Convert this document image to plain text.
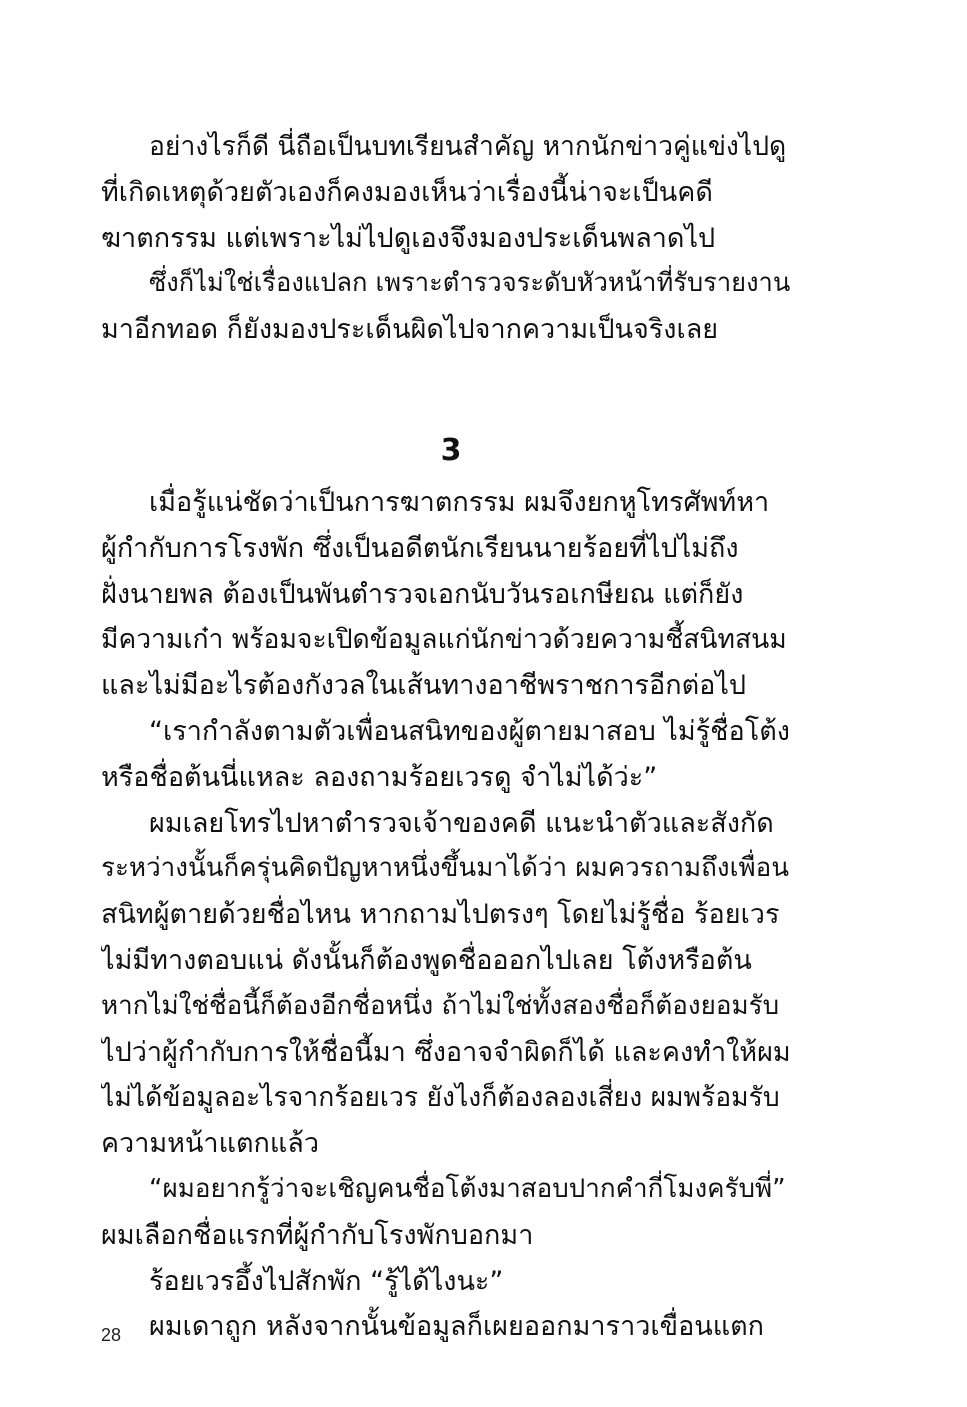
อย่างไรก็ดี นี่ถือเป็นบทเรียนสำคัญ หากนักข่าวคู่แข่งไปดู
ที่เกิดเหตุด้วยตัวเองก็คงมองเห็นว่าเรื่องนี้น่าจะเป็นคดี
ฆาตกรรม แต่เพราะไม่ไปดูเองจึงมองประเด็นพลาดไป
ซึ่งก็ไม่ใช่เรื่องแปลก เพราะตำรวจระดับหัวหน้าที่รับรายงาน
มาอีกทอด ก็ยังมองประเด็นผิดไปจากความเป็นจริงเลย
3
เมื่อรู้แน่ชัดว่าเป็นการฆาตกรรม ผมจึงยกหูโทรศัพท์หา
ผู้กำกับการโรงพัก ซึ่งเป็นอดีตนักเรียนนายร้อยที่ไปไม่ถึง
ฝั่งนายพล ต้องเป็นพันตำรวจเอกนับวันรอเกษียณ แต่ก็ยัง
มีความเก๋า พร้อมจะเปิดข้อมูลแก่นักข่าวด้วยความชี้สนิทสนม
และไม่มีอะไรต้องกังวลในเส้นทางอาชีพราชการอีกต่อไป
“เรากำลังตามตัวเพื่อนสนิทของผู้ตายมาสอบ ไม่รู้ชื่อโต้ง
หรือชื่อต้นนี่แหละ ลองถามร้อยเวรดู จำไม่ได้ว่ะ”
ผมเลยโทรไปหาตำรวจเจ้าของคดี แนะนำตัวและสังกัด
ระหว่างนั้นก็ครุ่นคิดปัญหาหนึ่งขึ้นมาได้ว่า ผมควรถามถึงเพื่อน
สนิทผู้ตายด้วยชื่อไหน หากถามไปตรงๆ โดยไม่รู้ชื่อ ร้อยเวร
ไม่มีทางตอบแน่ ดังนั้นก็ต้องพูดชื่อออกไปเลย โต้งหรือต้น
หากไม่ใช่ชื่อนี้ก็ต้องอีกชื่อหนึ่ง ถ้าไม่ใช่ทั้งสองชื่อก็ต้องยอมรับ
ไปว่าผู้กำกับการให้ชื่อนี้มา ซึ่งอาจจำผิดก็ได้ และคงทำให้ผม
ไม่ได้ข้อมูลอะไรจากร้อยเวร ยังไงก็ต้องลองเสี่ยง ผมพร้อมรับ
ความหน้าแตกแล้ว
“ผมอยากรู้ว่าจะเชิญคนชื่อโต้งมาสอบปากคำกี่โมงครับพี่”
ผมเลือกชื่อแรกที่ผู้กำกับโรงพักบอกมา
ร้อยเวรอึ้งไปสักพัก “รู้ได้ไงนะ”
ผมเดาถูก หลังจากนั้นข้อมูลก็เผยออกมาราวเขื่อนแตก
28
